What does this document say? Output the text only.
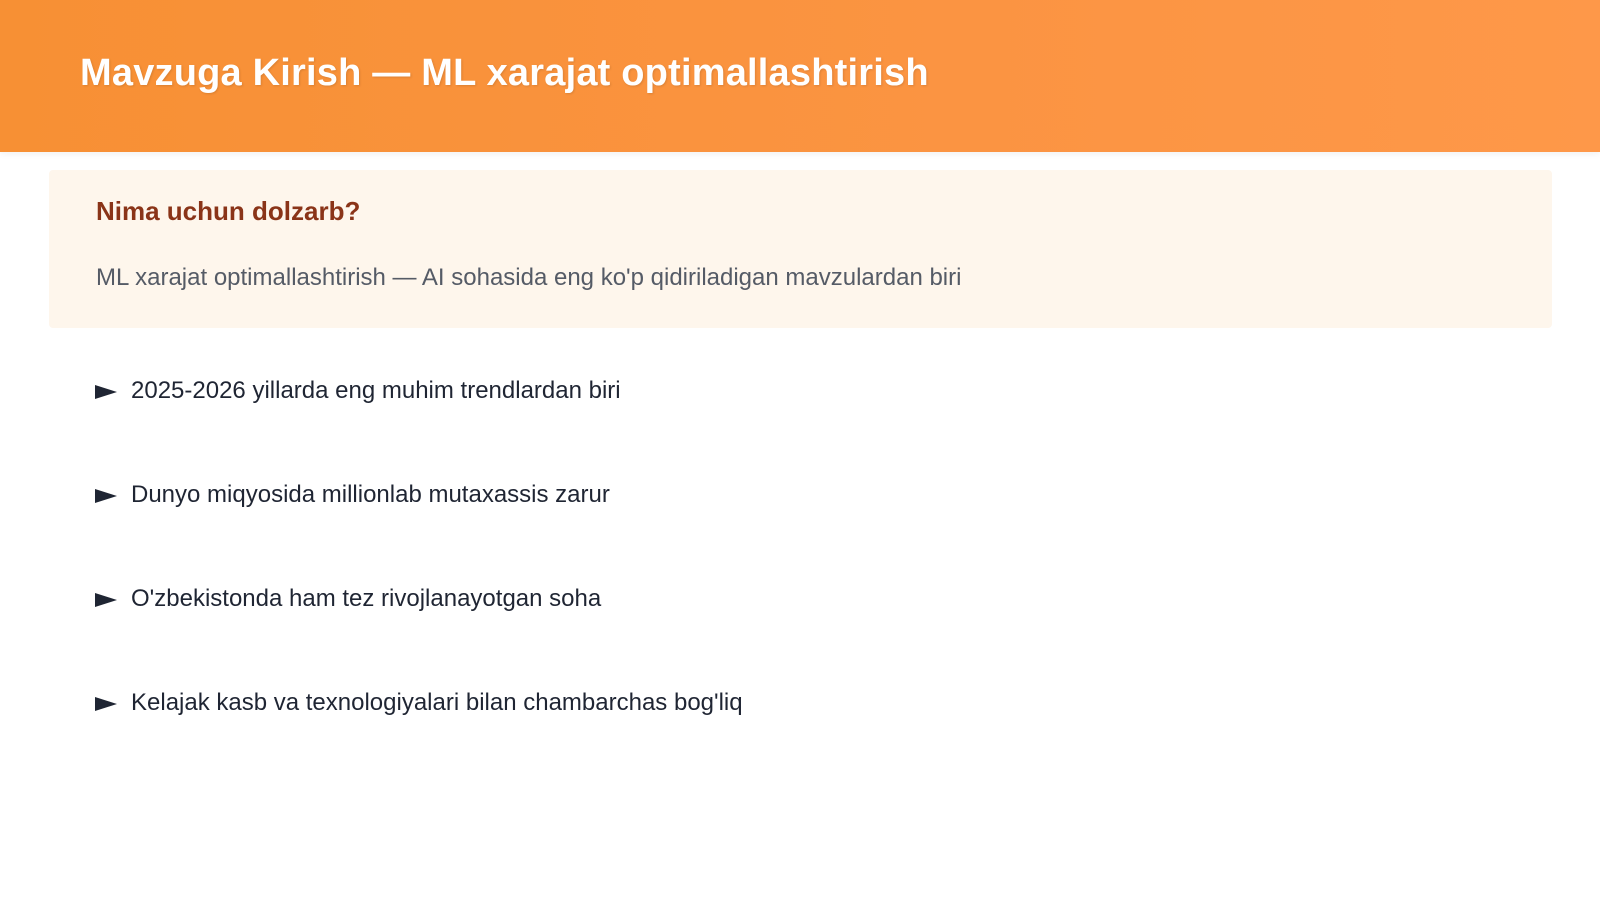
Mavzuga Kirish — ML xarajat optimallashtirish
Nima uchun dolzarb?

ML xarajat optimallashtirish — AI sohasida eng ko'p qidiriladigan mavzulardan biri

2025-2026 yillarda eng muhim trendlardan biri
Dunyo miqyosida millionlab mutaxassis zarur
O'zbekistonda ham tez rivojlanayotgan soha
Kelajak kasb va texnologiyalari bilan chambarchas bog'liq
